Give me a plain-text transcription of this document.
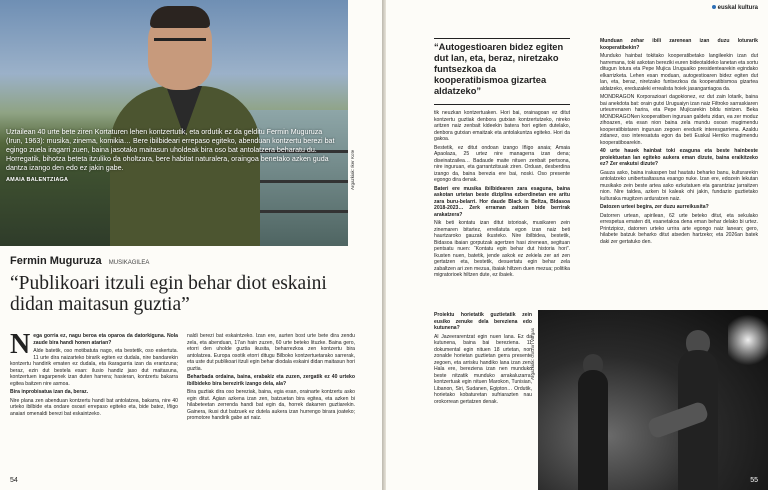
Uztailean 40 urte bete ziren Kortaturen lehen kontzertutik, eta ordutik ez da gelditu Fermin Muguruza (Irun, 1963): musika, zinema, komikia… Bere ibilbideari errepaso egiteko, abenduan kontzertu berezi bat egingo zuela iragarri zuen, baina jasotako maitasun uholdeak bira oso bat antolatzera beharatu du. Horregatik, bihotza beteta itzuliko da oholtzara, bere habitat naturalera, oraingoa benetako azken guda dantza izango den edo ez jakin gabe.
AMAIA BALENTZIAGA	Argazkiak: Iker Kote
Fermin Muguruza MUSIKAGILEA
“Publikoari itzuli egin behar diot eskaini didan maitasun guztia”

Nega gorria ez, nagu beroa eta oparoa da datorkiguna. Nola zaude bira handi honen atarian?

Alde batetik, oso motibatuta nago, eta bestetik, oso eskertuta. 11 urte dira naizarteko birarik egiten ez dudala, nire bandarekin kontzertu handirik ematen ez dudala, eta ikaragarria izan da erantzuna; beraz, ezin dut bestela esan: ilusio handiz jaso dut maitasuna, kontzertuen iragarpenek izan duten harrera; hasieran, kontzertu bakarra egitea baitzen nire asmoa.

Bira inprobisatua izan da, beraz.

Nire plana zen abenduan kontzertu handi bat antolatzea, bakarra, nire 40 urteko ibilbide eta ondare osoari errepaso egiteko eta, bide batez, Iñigo anaiari omenaldi berezi bat eskaintzeko.

naldi berezi bat eskaintzeko. Izan ere, aurten bost urte bete dira zendu zela, eta abenduan, 17an hain zuzen, 60 urte beteko lituzke. Baina gero, etorri den uholde guztia ikusita, beharrezkoa zen kontzertu bira antolatzea. Europa osotik etorri ditugu Bilboko kontzertuetarako sarrerak, eta uste dut publikoari itzuli egin behar diodala eskaini didan maitasun hori guztia.

Beharbada ordaina, baina, erabakiz eta zuzen, zergatik ez 40 urteko ibilbideko bira berezirik izango dela, ala?

Bira guztiak dira oso bereziak, baina, egia esan, orainarte kontzertu asko egin ditut. Agian azkena izan zen, batzuetan bira egitea, eta azken bi hilabeteetan zerrenda handi bat egin da, horrek dakarren guztiarekin. Gainera, ikusi dut batzuek ez dutela aukera izan hurrengo birara joateko; promotore handirik gabe ari naiz.

54
euskal kultura
“Autogestioaren bidez egiten dut lan, eta, beraz, niretzako funtsezkoa da kooperatibismoa gizartea aldatzeko”

tik neuzkan kontzertuaken. Hori bai, orainagoan ez ditut kontzertu guztiak denbora gutxian kontzertutzeko, nireko aritzen naiz zenbait kideekin batera hori egiten dutelako, denbora gutxian emaitzak eta antolakuntza egiteko. Hori da gakoa.

Bestetik, ez ditut ondoan izango Iñigo anaia; Amaia Apaolaza, 25 urtez nire managerra izan dena; diseinatzailea… Badaude maite nituen zenbait pertsona, nire inguruan, eta garrantzitsuak ziren. Orduan, desberdina izango da, baina berezia ere bai, noski. Oso presente egongo dira denak.

Bateri ere musika ibilbidearen zara esaguna, baina askotan urtetan beste diziplina ezberdinetan ere aritu zara buru-belarri. Hor daude Black is Beltza, Bidasoa 2018-2023… Zerk erraman zaituen bide berrirak arakatzera?

Nik beti kontatu izan ditut istorioak, musikaren zein zinemaren bitartez, erreilatuta egon izan naiz beti haurtzaroko gauzak ikusteko. Nire ibilbidea, bestetik, Bidasoa ibaian gorputzak agertzen hasi zirenean, segituan pentsatu nuen: “Kontatu egin behar dut historia hori”. Ikusten nuen, batetik, jende askok ez zekiela zer ari zen gertatzen eta, bestetik, desuertatu egin behar zela zabaltzen ari zen mezua, ibaiak hiltzen duen mezua; politika migratorioek hiltzen dute, ez ibaiek.

Proiektu horietatik guztietatik zein eusiko zenuke dela bereziena edo kutunena?

Al Jazeerarentzat egin nuen lana. Ez da kutunena, baina bai bereziena. 11 dokumental egin nituen 18 urtetan, non zonalde horietan guztietan gerra presente zegoen, eta arrisku handiko lana izan zen. Hala ere, bereziena izan nen munduko beste nitzatik munduko arrakaluzarra; kontzertuak egin nituen Marokon, Tunisian, Libanon, Siri, Sudanen, Egipton… Ordutik, horietako kobaturetan sufriarazten nau orokorrean gertatzen denak.

Munduan zehar ibili zarenean izan duzu loturarik kooperatibekin?

Munduko hainbat tokitako kooperatibetako langileekin izan dut harremana, toki askotan bereziki euren bideotaldeko lanetan eta sortu ditugun lotura eta Pepe Mujica Uruguaiko presidentearekin egindako elkarrizketa. Lehen esan moduan, autogestioaren bidez egiten dut lan, eta, beraz, niretzako funtsezkoa da kooperatibismoa gizartea aldatzeko, ereduzaleki errealista hoiek jasangarriagoa da.

MONDRAGON Korporazioari dagokionez, ez dut zain lotarik, baina bai anekdota bat: orain gutxi Uruguaiyn izan naiz Filtroko sarraskiaren urteurrenaren harira, eta Pepe Mujicarekin bildu nintzen. Beka MONDRAGONen kooperatiben inguruan galdetu zidan, ea zer moduz zihoazen, eta esan nion baina zela mundu osoan mugimendu kooperatibistaren inguruan zegoen eredurik interesgarriena. Azaldu zidanez, oso interesatuta egon da beti Euskal Herriko mugimendu kooperatiboarekin.

40 urte hauek hainbat toki ezaguna eta beste hainbeste proiektuetan lan egiteko aukera eman dizute, baina eraikitzeko ez? Zer erakutsi dizute?

Gauza asko, baina irakaspen bat hautatu beharko banu, kulturarekin antolatzeko unibertsaltasuna esango nuke. Izan ere, edozein lekutan musikako zein beste artea asko ezkutatuen eta garantziaz jarraitzen nion. Nire taldea, azken bi kaleak ohi jakin, fundazio guztietako kulturaka mugitzen arduratzen naiz.

Datozen urteei begira, zer duzu aurreikusita?

Datorren urtean, apirilean, 62 urte beteko ditut, eta sekulako errespetua ematen dit, esanetakoa dena eman behar delako bi urtez. Printzipioz, datorren urteko urrira arte egongo naiz lanean; gero, hilabete batzuk beharko ditut atseden hartzeko; eta 2026an batek daki zer gertatuko den.

Argazkiak: Gotzon Vargas
55
